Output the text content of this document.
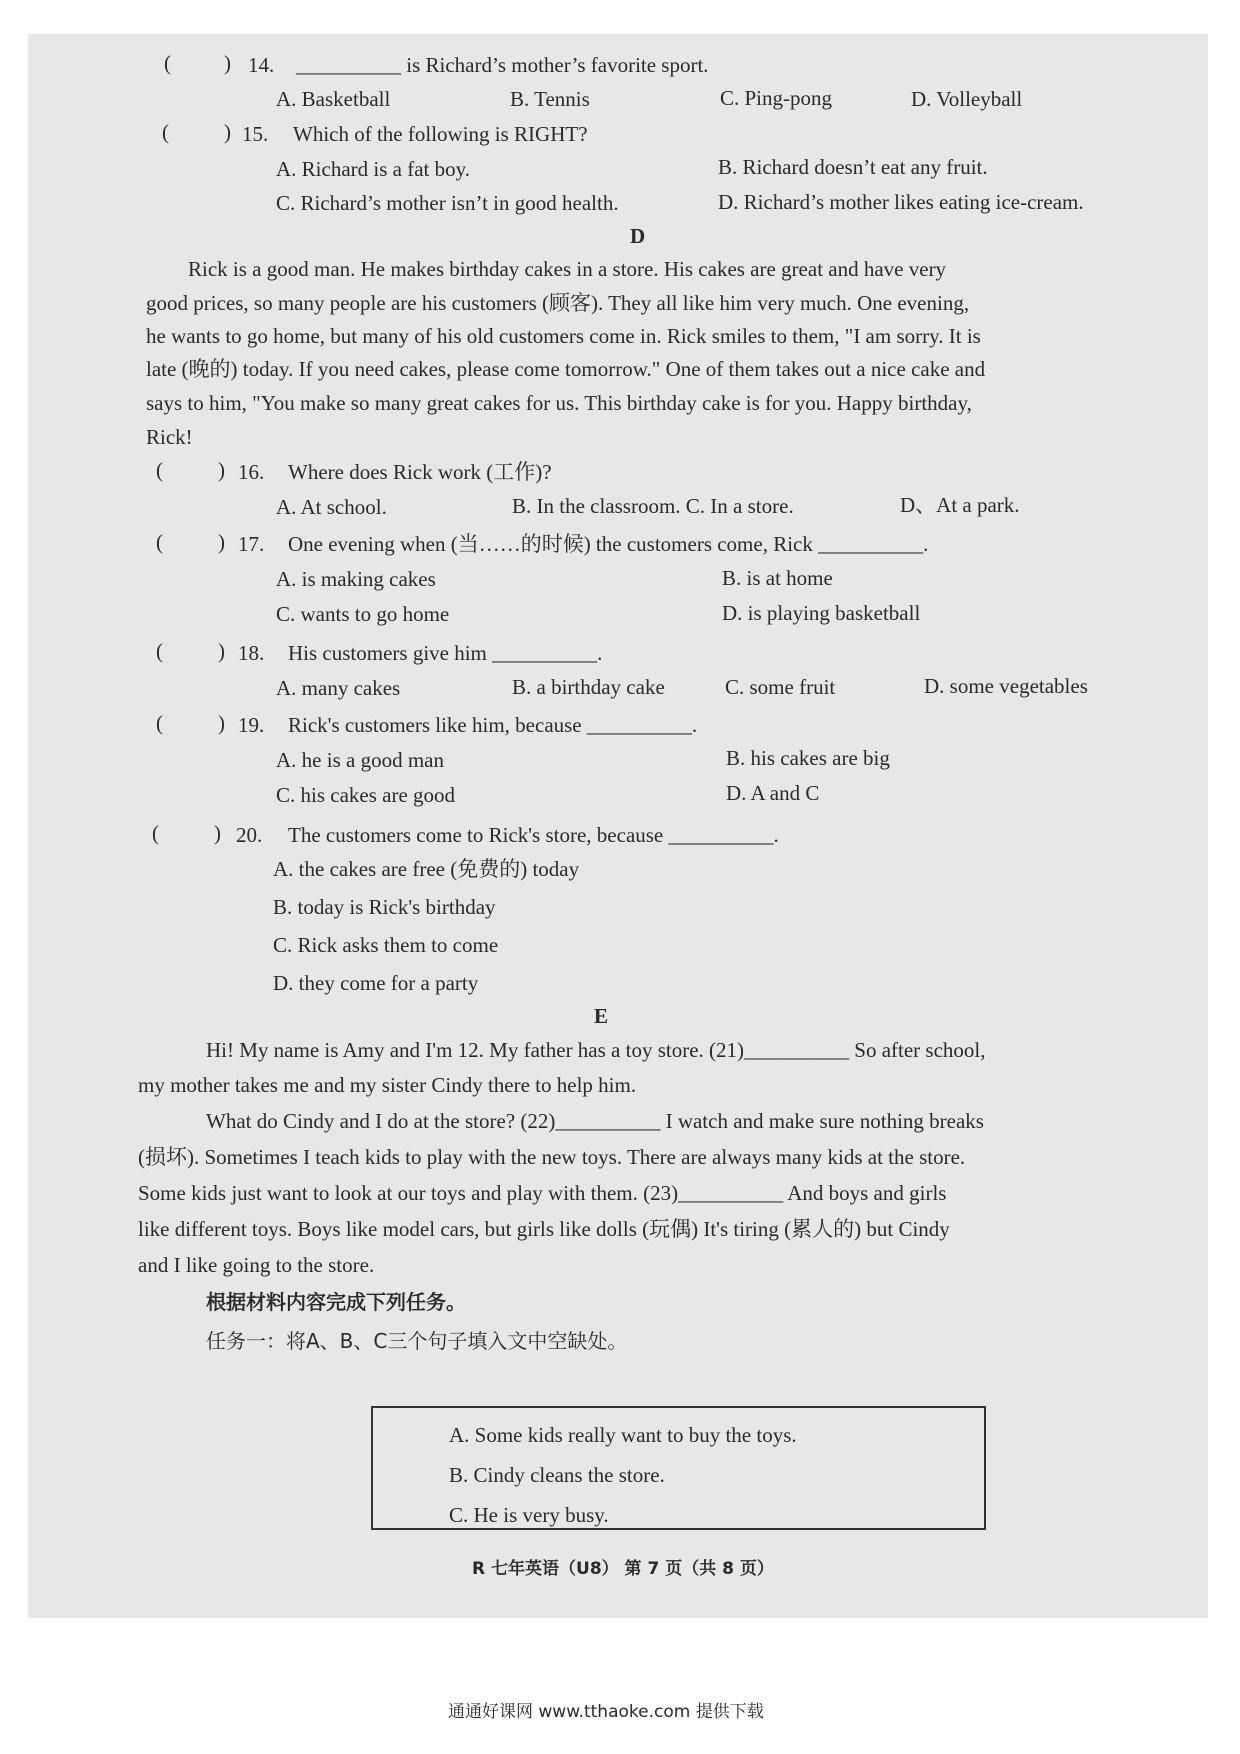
(	) 14. __________ is Richard’s mother’s favorite sport.
A. Basketball	B. Tennis	C. Ping-pong	D. Volleyball
(	) 15. Which of the following is RIGHT?
A. Richard is a fat boy.	B. Richard doesn’t eat any fruit.
C. Richard’s mother isn’t in good health.	D. Richard’s mother likes eating ice-cream.
D
Rick is a good man. He makes birthday cakes in a store. His cakes are great and have very
good prices, so many people are his customers (顾客). They all like him very much. One evening,
he wants to go home, but many of his old customers come in. Rick smiles to them, "I am sorry. It is
late (晚的) today. If you need cakes, please come tomorrow." One of them takes out a nice cake and
says to him, "You make so many great cakes for us. This birthday cake is for you. Happy birthday,
Rick!
(	) 16. Where does Rick work (工作)?
A. At school.	B. In the classroom. C. In a store.	D、At a park.
(	) 17. One evening when (当……的时候) the customers come, Rick __________.
A. is making cakes	B. is at home
C. wants to go home	D. is playing basketball
(	) 18. His customers give him __________.
A. many cakes	B. a birthday cake	C. some fruit	D. some vegetables
(	) 19. Rick's customers like him, because __________.
A. he is a good man	B. his cakes are big
C. his cakes are good	D. A and C
(	) 20. The customers come to Rick's store, because __________.
A. the cakes are free (免费的) today
B. today is Rick's birthday
C. Rick asks them to come
D. they come for a party
E
Hi! My name is Amy and I'm 12. My father has a toy store. (21)__________ So after school,
my mother takes me and my sister Cindy there to help him.
What do Cindy and I do at the store? (22)__________ I watch and make sure nothing breaks
(损坏). Sometimes I teach kids to play with the new toys. There are always many kids at the store.
Some kids just want to look at our toys and play with them. (23)__________ And boys and girls
like different toys. Boys like model cars, but girls like dolls (玩偶) It's tiring (累人的) but Cindy
and I like going to the store.
根据材料内容完成下列任务。
任务一：将A、B、C三个句子填入文中空缺处。
A. Some kids really want to buy the toys.
B. Cindy cleans the store.
C. He is very busy.
R 七年英语（U8） 第 7 页（共 8 页）
通通好课网 www.tthaoke.com 提供下载
